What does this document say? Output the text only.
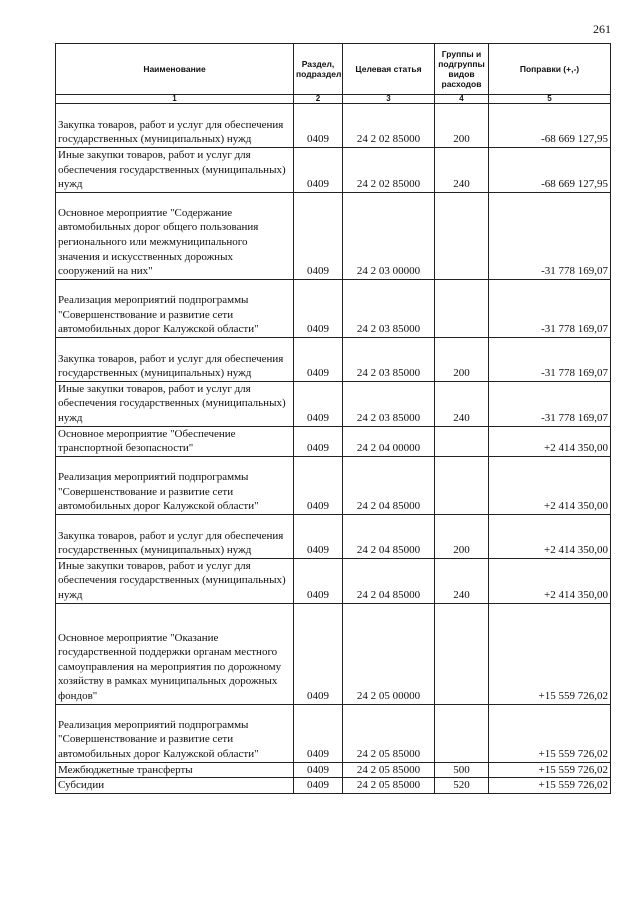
261
Наименование	Раздел, подраздел	Целевая статья	Группы и подгруппы видов расходов	Поправки (+,-)
1	2	3	4	5
Закупка товаров, работ и услуг для обеспечения государственных (муниципальных) нужд	0409	24 2 02 85000	200	-68 669 127,95
Иные закупки товаров, работ и услуг для обеспечения государственных (муниципальных) нужд	0409	24 2 02 85000	240	-68 669 127,95
Основное мероприятие "Содержание автомобильных дорог общего пользования регионального или межмуниципального значения и искусственных дорожных сооружений на них"	0409	24 2 03 00000		-31 778 169,07
Реализация мероприятий подпрограммы "Совершенствование и развитие сети автомобильных дорог Калужской области"	0409	24 2 03 85000		-31 778 169,07
Закупка товаров, работ и услуг для обеспечения государственных (муниципальных) нужд	0409	24 2 03 85000	200	-31 778 169,07
Иные закупки товаров, работ и услуг для обеспечения государственных (муниципальных) нужд	0409	24 2 03 85000	240	-31 778 169,07
Основное мероприятие "Обеспечение транспортной безопасности"	0409	24 2 04 00000		+2 414 350,00
Реализация мероприятий подпрограммы "Совершенствование и развитие сети автомобильных дорог Калужской области"	0409	24 2 04 85000		+2 414 350,00
Закупка товаров, работ и услуг для обеспечения государственных (муниципальных) нужд	0409	24 2 04 85000	200	+2 414 350,00
Иные закупки товаров, работ и услуг для обеспечения государственных (муниципальных) нужд	0409	24 2 04 85000	240	+2 414 350,00
Основное мероприятие "Оказание государственной поддержки органам местного самоуправления на мероприятия по дорожному хозяйству в рамках муниципальных дорожных фондов"	0409	24 2 05 00000		+15 559 726,02
Реализация мероприятий подпрограммы "Совершенствование и развитие сети автомобильных дорог Калужской области"	0409	24 2 05 85000		+15 559 726,02
Межбюджетные трансферты	0409	24 2 05 85000	500	+15 559 726,02
Субсидии	0409	24 2 05 85000	520	+15 559 726,02
